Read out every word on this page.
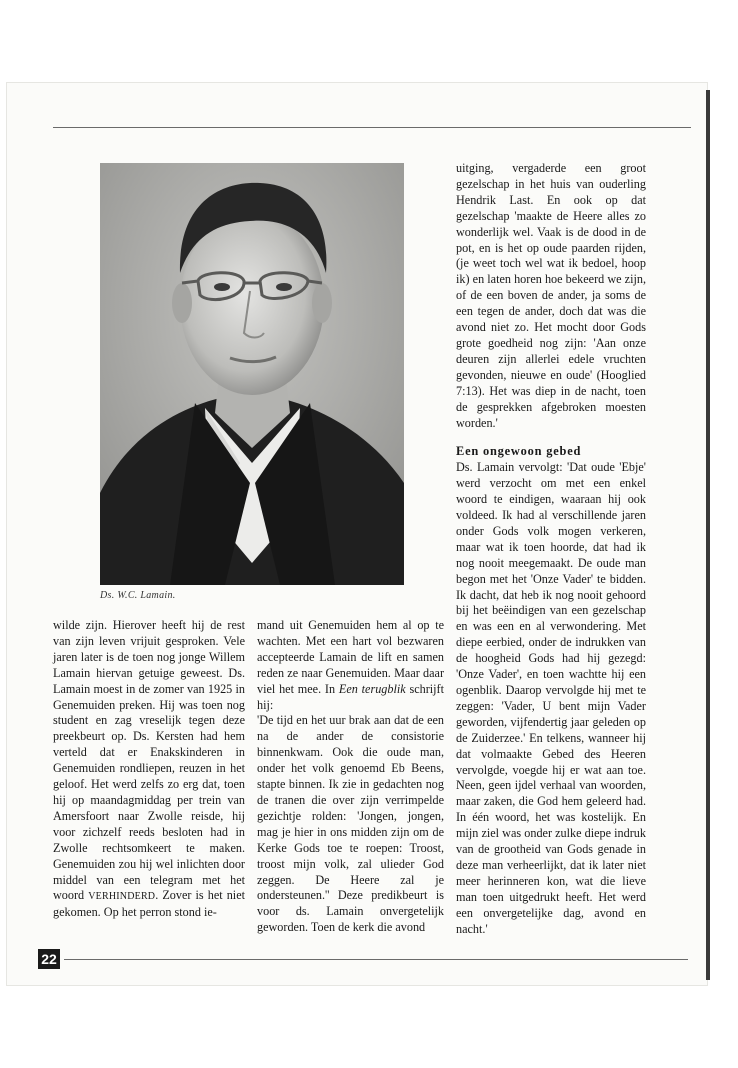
Ds. W.C. Lamain.

wilde zijn. Hierover heeft hij de rest van zijn leven vrijuit gesproken. Vele jaren later is de toen nog jonge Willem Lamain hiervan getuige geweest. Ds. Lamain moest in de zomer van 1925 in Genemuiden preken. Hij was toen nog student en zag vreselijk tegen deze preekbeurt op. Ds. Kersten had hem verteld dat er Enakskinderen in Genemuiden rondliepen, reuzen in het geloof. Het werd zelfs zo erg dat, toen hij op maandagmiddag per trein van Amersfoort naar Zwolle reisde, hij voor zichzelf reeds besloten had in Zwolle rechtsomkeert te maken. Genemuiden zou hij wel inlichten door middel van een telegram met het woord VERHINDERD. Zover is het niet gekomen. Op het perron stond ie-

mand uit Genemuiden hem al op te wachten. Met een hart vol bezwaren accepteerde Lamain de lift en samen reden ze naar Genemuiden. Maar daar viel het mee. In Een terugblik schrijft hij:

'De tijd en het uur brak aan dat de een na de ander de consistorie binnenkwam. Ook die oude man, onder het volk genoemd Eb Beens, stapte binnen. Ik zie in gedachten nog de tranen die over zijn verrimpelde gezichtje rolden: 'Jongen, jongen, mag je hier in ons midden zijn om de Kerke Gods toe te roepen: Troost, troost mijn volk, zal ulieder God zeggen. De Heere zal je ondersteunen.'' Deze predikbeurt is voor ds. Lamain onvergetelijk geworden. Toen de kerk die avond

uitging, vergaderde een groot gezelschap in het huis van ouderling Hendrik Last. En ook op dat gezelschap 'maakte de Heere alles zo wonderlijk wel. Vaak is de dood in de pot, en is het op oude paarden rijden, (je weet toch wel wat ik bedoel, hoop ik) en laten horen hoe bekeerd we zijn, of de een boven de ander, ja soms de een tegen de ander, doch dat was die avond niet zo. Het mocht door Gods grote goedheid nog zijn: 'Aan onze deuren zijn allerlei edele vruchten gevonden, nieuwe en oude' (Hooglied 7:13). Het was diep in de nacht, toen de gesprekken afgebroken moesten worden.'

Een ongewoon gebed

Ds. Lamain vervolgt: 'Dat oude 'Ebje' werd verzocht om met een enkel woord te eindigen, waaraan hij ook voldeed. Ik had al verschillende jaren onder Gods volk mogen verkeren, maar wat ik toen hoorde, dat had ik nog nooit meegemaakt. De oude man begon met het 'Onze Vader' te bidden. Ik dacht, dat heb ik nog nooit gehoord bij het beëindigen van een gezelschap en was een en al verwondering. Met diepe eerbied, onder de indrukken van de hoogheid Gods had hij gezegd: 'Onze Vader', en toen wachtte hij een ogenblik. Daarop vervolgde hij met te zeggen: 'Vader, U bent mijn Vader geworden, vijfendertig jaar geleden op de Zuiderzee.' En telkens, wanneer hij dat volmaakte Gebed des Heeren vervolgde, voegde hij er wat aan toe. Neen, geen ijdel verhaal van woorden, maar zaken, die God hem geleerd had. In één woord, het was kostelijk. En mijn ziel was onder zulke diepe indruk van de grootheid van Gods genade in deze man verheerlijkt, dat ik later niet meer herinneren kon, wat die lieve man toen uitgedrukt heeft. Het werd een onvergetelijke dag, avond en nacht.'

22
